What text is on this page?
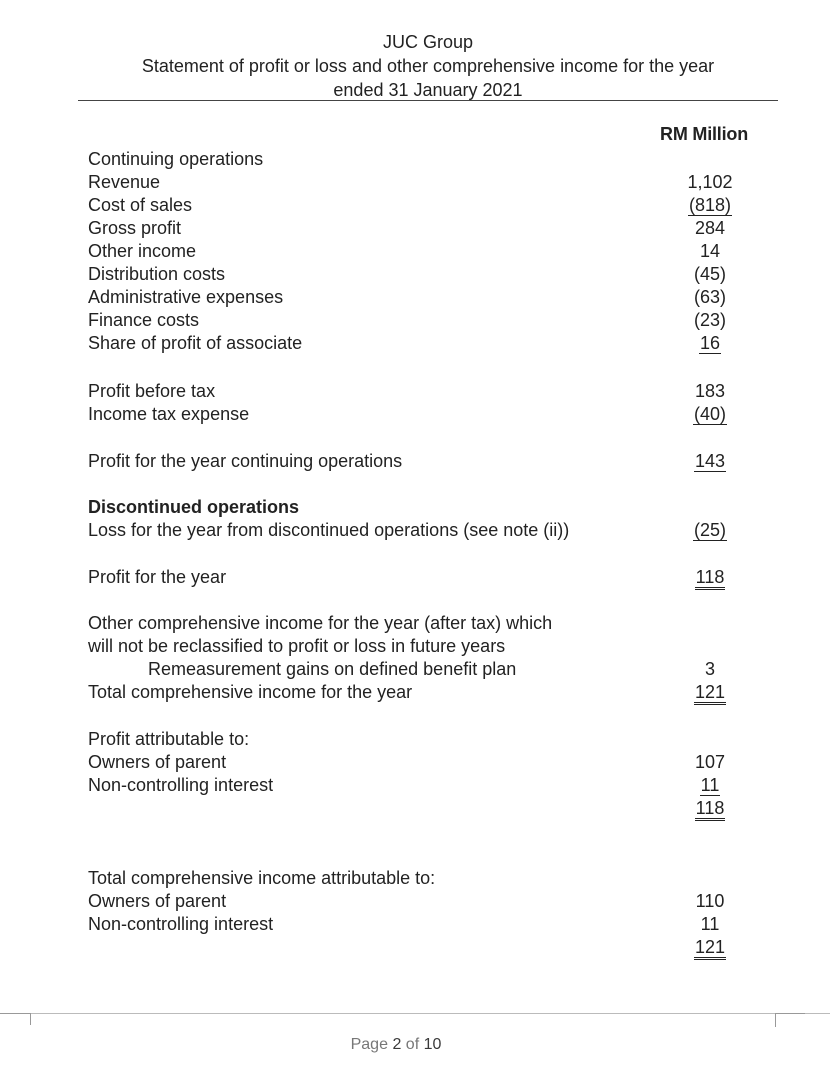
JUC Group
Statement of profit or loss and other comprehensive income for the year
ended 31 January 2021
RM Million
Continuing operations
Revenue	1,102
Cost of sales	(818)
Gross profit	284
Other income	14
Distribution costs	(45)
Administrative expenses	(63)
Finance costs	(23)
Share of profit of associate	16
Profit before tax	183
Income tax expense	(40)
Profit for the year continuing operations	143
Discontinued operations
Loss for the year from discontinued operations (see note (ii))	(25)
Profit for the year	118
Other comprehensive income for the year (after tax) which
will not be reclassified to profit or loss in future years
Remeasurement gains on defined benefit plan	3
Total comprehensive income for the year	121
Profit attributable to:
Owners of parent	107
Non-controlling interest	11
118
Total comprehensive income attributable to:
Owners of parent	110
Non-controlling interest	11
121
Page 2 of 10
